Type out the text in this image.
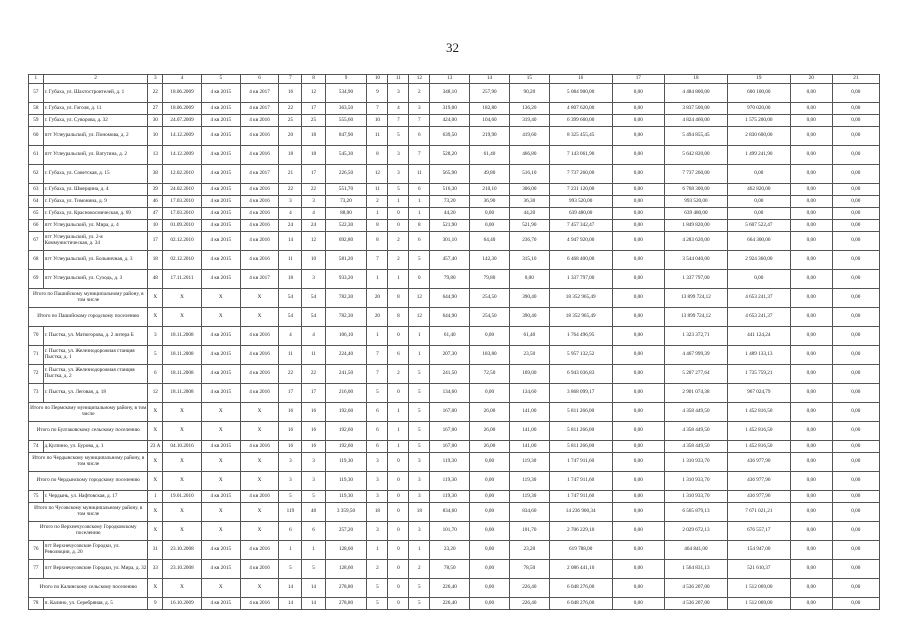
32
1	2	3	4	5	6	7	8	9	10	11	12	13	14	15	16	17	18	19	20	21
57	г. Губаха, ул. Шахтостроителей, д. 1	22	18.06.2009	4 кв 2015	4 кв 2017	16	12	534,90	9	3	2	348,10	257,90	90,20	5 084 900,00	0,00	4 484 800,00	600 100,00	0,00	0,00
58	г. Губаха, ул. Гоголя, д. 11	27	18.06.2009	4 кв 2015	4 кв 2017	22	17	363,50	7	4	3	319,00	182,80	136,20	4 807 620,00	0,00	3 837 500,00	970 020,00	0,00	0,00
59	г. Губаха, ул. Суворова, д. 32	30	24.07.2009	4 кв 2015	4 кв 2016	25	25	555,60	10	7	7	424,00	104,60	319,40	6 399 660,00	0,00	4 824 460,00	1 575 200,00	0,00	0,00
60	пгт Углеуральский, ул. Пономова, д. 2	10	14.12.2009	4 кв 2015	4 кв 2016	20	18	847,90	11	5	6	639,50	219,90	419,60	8 325 455,45	0,00	5 494 855,45	2 830 600,00	0,00	0,00
61	пгт Углеуральский, ул. Ватутина, д. 2	13	14.12.2009	4 кв 2015	4 кв 2016	18	18	545,30	8	3	7	528,20	61,40	466,80	7 143 061,90	0,00	5 642 820,00	1 499 241,90	0,00	0,00
62	г. Губаха, ул. Советская, д. 15	38	12.02.2010	4 кв 2015	4 кв 2017	21	17	226,50	12	3	11	565,90	49,80	516,10	7 737 260,00	0,00	7 737 260,00	0,00	0,00	0,00
63	г. Губаха, ул. Шмерцина, д. 4	39	24.02.2010	4 кв 2015	4 кв 2016	22	22	551,70	11	5	6	516,30	210,10	306,00	7 231 120,00	0,00	6 768 300,00	462 820,00	0,00	0,00
64	г. Губаха, ул. Тимонина, д. 9	46	17.03.2010	4 кв 2015	4 кв 2016	3	3	73,20	2	1	1	73,20	36,90	36,30	993 520,00	0,00	993 520,00	0,00	0,00	0,00
65	г. Губаха, ул. Краснокосмическая, д. 69	47	17.03.2010	4 кв 2015	4 кв 2016	4	4	88,00	1	0	1	44,20	0,00	44,20	639 480,00	0,00	639 480,00	0,00	0,00	0,00
66	пгт Углеуральский, ул. Мира, д. 4	10	01.09.2010	4 кв 2015	4 кв 2016	24	24	522,30	8	0	8	521,90	0,00	521,90	7 457 342,47	0,00	1 849 820,00	5 607 522,47	0,00	0,00
67	пгт Углеуральский, ул. 2-я Коммунистическая, д. 34	17	02.12.2010	4 кв 2015	4 кв 2016	14	12	692,80	8	2	6	301,10	64,40	236,70	4 947 920,00	0,00	4 283 620,00	664 300,00	0,00	0,00
68	пгт Углеуральский, ул. Больничная, д. 3	18	02.12.2010	4 кв 2015	4 кв 2016	11	10	581,20	7	2	5	457,40	142,30	315,10	6 468 400,00	0,00	3 544 040,00	2 924 360,00	0,00	0,00
69	пгт Углеуральский, ул. Суходь, д. 3	48	17.11.2011	4 кв 2015	4 кв 2017	18	3	933,20	1	1	0	79,80	79,80	0,00	1 337 797,00	0,00	1 337 797,00	0,00	0,00	0,00
Итого по Пашийскому муниципальному району, в том числе		X	X	X	X	54	54	782,30	20	8	12	644,90	254,50	390,40	18 352 965,49	0,00	13 899 724,12	4 653 241,37	0,00	0,00
Итого по Пашийскому городскому поселению		X	X	X	X	54	54	782,30	20	8	12	644,90	254,50	390,40	18 352 965,49	0,00	13 899 724,12	4 653 241,37	0,00	0,00
70	г. Пыстка, ул. Матюгорова, д. 2 литера Б	3	18.11.2008	4 кв 2015	4 кв 2016	4	4	106,10	1	0	1	61,40	0,00	61,40	1 764 496,95	0,00	1 323 372,71	441 124,24	0,00	0,00
71	г. Пыстка, ул. Железнодорожная станция Пыстка, д. 1	5	18.11.2008	4 кв 2015	4 кв 2016	11	11	224,40	7	6	1	207,30	183,80	23,50	5 957 132,52	0,00	4 467 999,39	1 489 133,13	0,00	0,00
72	г. Пыстка, ул. Железнодорожная станция Пыстка, д. 2	6	18.11.2008	4 кв 2015	4 кв 2016	22	22	241,50	7	2	5	241,50	72,50	169,00	6 943 036,83	0,00	5 207 277,64	1 735 759,21	0,00	0,00
73	г. Пыстка, ул. Леговая, д. 18	12	18.11.2008	4 кв 2015	4 кв 2016	17	17	216,00	5	0	5	134,60	0,00	134,60	3 868 099,17	0,00	2 901 074,38	967 024,79	0,00	0,00
Итого по Пермскому муниципальному району, в том числе		X	X	X	X	16	16	192,60	6	1	5	167,00	26,00	141,00	5 811 266,00	0,00	4 358 449,50	1 452 816,50	0,00	0,00
Итого по Булгаковскому сельскому поселению		X	X	X	X	16	16	192,60	6	1	5	167,00	26,00	141,00	5 811 266,00	0,00	4 358 449,50	1 452 816,50	0,00	0,00
74	д.Кулпино, ул. Бурова, д. 1	23 А	04.10.2016	4 кв 2015	4 кв 2016	16	16	192,60	6	1	5	167,00	26,00	141,00	5 811 266,00	0,00	4 358 449,50	1 452 816,50	0,00	0,00
Итого по Чердынскому муниципальному району, в том числе		X	X	X	X	3	3	119,30	3	0	3	119,30	0,00	119,30	1 747 911,60	0,00	1 310 933,70	436 977,90	0,00	0,00
Итого по Чердынскому городскому поселению		X	X	X	X	3	3	119,30	3	0	3	119,30	0,00	119,30	1 747 911,60	0,00	1 310 933,70	436 977,90	0,00	0,00
75	г. Чердынь, ул. Нафтовская, д. 17	1	19.01.2010	4 кв 2015	4 кв 2016	5	5	119,30	3	0	3	119,30	0,00	119,30	1 747 911,60	0,00	1 310 933,70	436 977,90	0,00	0,00
Итого по Чусовскому муниципальному району, в том числе		X	X	X	X	119	48	3 359,50	18	0	18	834,60	0,00	834,60	14 236 900,34	0,00	6 565 879,13	7 671 021,21	0,00	0,00
Итого по Верхнечусовскому Городковскому поселению		X	X	X	X	6	6	257,20	3	0	3	101,70	0,00	101,70	2 706 229,10	0,00	2 029 672,13	676 557,17	0,00	0,00
76	пгт Верхнечусовские Городки, ул. Революции, д. 20	31	23.10.2008	4 кв 2015	4 кв 2016	1	1	128,60	1	0	1	23,20	0,00	23,20	619 788,00	0,00	464 841,00	154 947,00	0,00	0,00
77	пгт Верхнечусовские Городки, ул. Мира, д. 32	33	23.10.2008	4 кв 2015	4 кв 2016	5	5	128,60	2	0	2	78,50	0,00	78,50	2 086 441,10	0,00	1 564 831,13	521 610,37	0,00	0,00
Итого по Калинскому сельскому поселению		X	X	X	X	14	14	278,80	5	0	5	226,40	0,00	226,40	6 048 276,00	0,00	4 536 207,00	1 512 069,00	0,00	0,00
78	п. Калино, ул. Серебряная, д. 5	9	16.10.2009	4 кв 2015	4 кв 2016	14	14	278,80	5	0	5	226,40	0,00	226,40	6 048 276,00	0,00	4 536 207,00	1 512 069,00	0,00	0,00
